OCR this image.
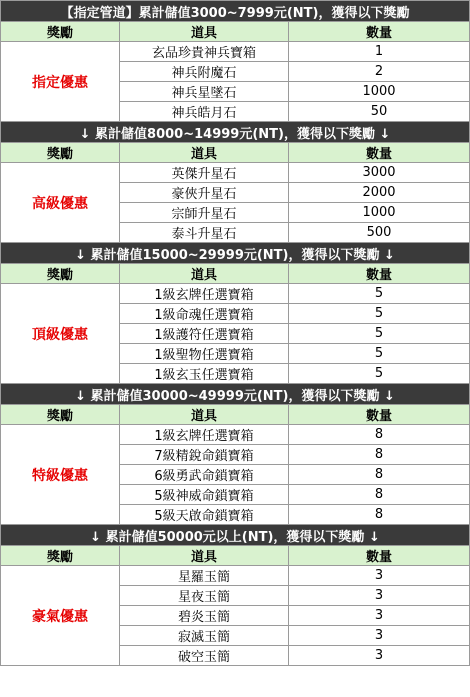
【指定管道】累計儲值3000~7999元(NT)，獲得以下獎勵		
獎勵	道具	數量
指定優惠	玄品珍貴神兵寶箱	1
	神兵附魔石	2
	神兵星墜石	1000
	神兵皓月石	50
↓ 累計儲值8000~14999元(NT)，獲得以下獎勵 ↓		
獎勵	道具	數量
高級優惠	英傑升星石	3000
	豪俠升星石	2000
	宗師升星石	1000
	泰斗升星石	500
↓ 累計儲值15000~29999元(NT)，獲得以下獎勵 ↓		
獎勵	道具	數量
頂級優惠	1級玄牌任選寶箱	5
	1級命魂任選寶箱	5
	1級護符任選寶箱	5
	1級聖物任選寶箱	5
	1級玄玉任選寶箱	5
↓ 累計儲值30000~49999元(NT)，獲得以下獎勵 ↓		
獎勵	道具	數量
特級優惠	1級玄牌任選寶箱	8
	7級精銳命鎖寶箱	8
	6級勇武命鎖寶箱	8
	5級神威命鎖寶箱	8
	5級天啟命鎖寶箱	8
↓ 累計儲值50000元以上(NT)，獲得以下獎勵 ↓		
獎勵	道具	數量
豪氣優惠	星羅玉簡	3
	星夜玉簡	3
	碧炎玉簡	3
	寂滅玉簡	3
	破空玉簡	3
